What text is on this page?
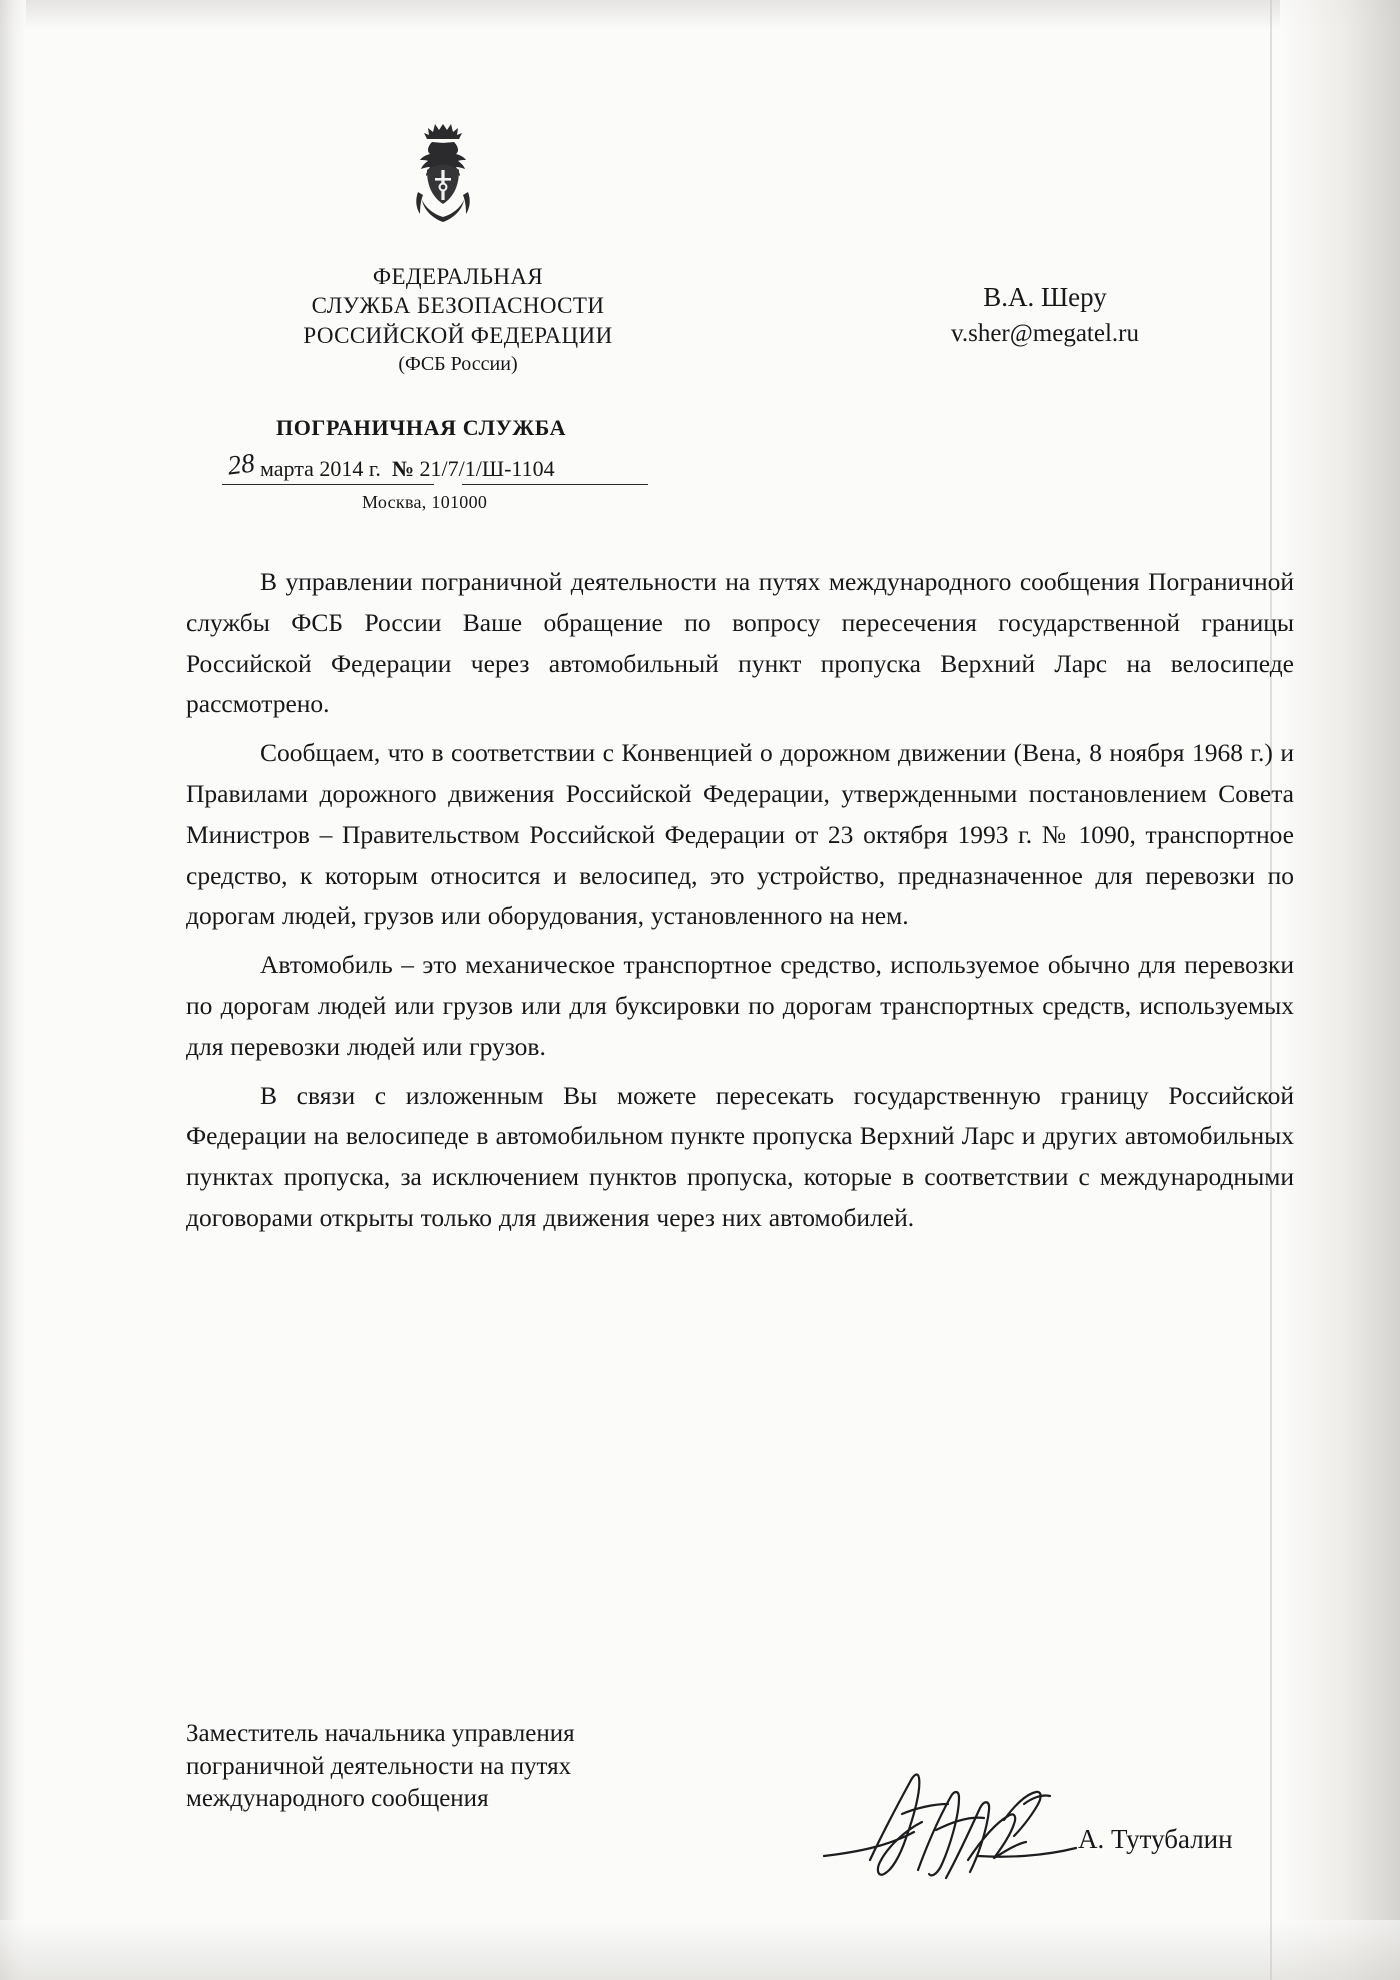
ФЕДЕРАЛЬНАЯ
СЛУЖБА БЕЗОПАСНОСТИ
РОССИЙСКОЙ ФЕДЕРАЦИИ
(ФСБ России)
ПОГРАНИЧНАЯ СЛУЖБА
28 марта 2014 г. № 21/7/1/Ш-1104
Москва, 101000
В.А. Шеру
v.sher@megatel.ru

В управлении пограничной деятельности на путях международного сообщения Пограничной службы ФСБ России Ваше обращение по вопросу пересечения государственной границы Российской Федерации через автомобильный пункт пропуска Верхний Ларс на велосипеде рассмотрено.

Сообщаем, что в соответствии с Конвенцией о дорожном движении (Вена, 8 ноября 1968 г.) и Правилами дорожного движения Российской Федерации, утвержденными постановлением Совета Министров – Правительством Российской Федерации от 23 октября 1993 г. № 1090, транспортное средство, к которым относится и велосипед, это устройство, предназначенное для перевозки по дорогам людей, грузов или оборудования, установленного на нем.

Автомобиль – это механическое транспортное средство, используемое обычно для перевозки по дорогам людей или грузов или для буксировки по дорогам транспортных средств, используемых для перевозки людей или грузов.

В связи с изложенным Вы можете пересекать государственную границу Российской Федерации на велосипеде в автомобильном пункте пропуска Верхний Ларс и других автомобильных пунктах пропуска, за исключением пунктов пропуска, которые в соответствии с международными договорами открыты только для движения через них автомобилей.

Заместитель начальника управления
пограничной деятельности на путях
международного сообщения
А. Тутубалин
